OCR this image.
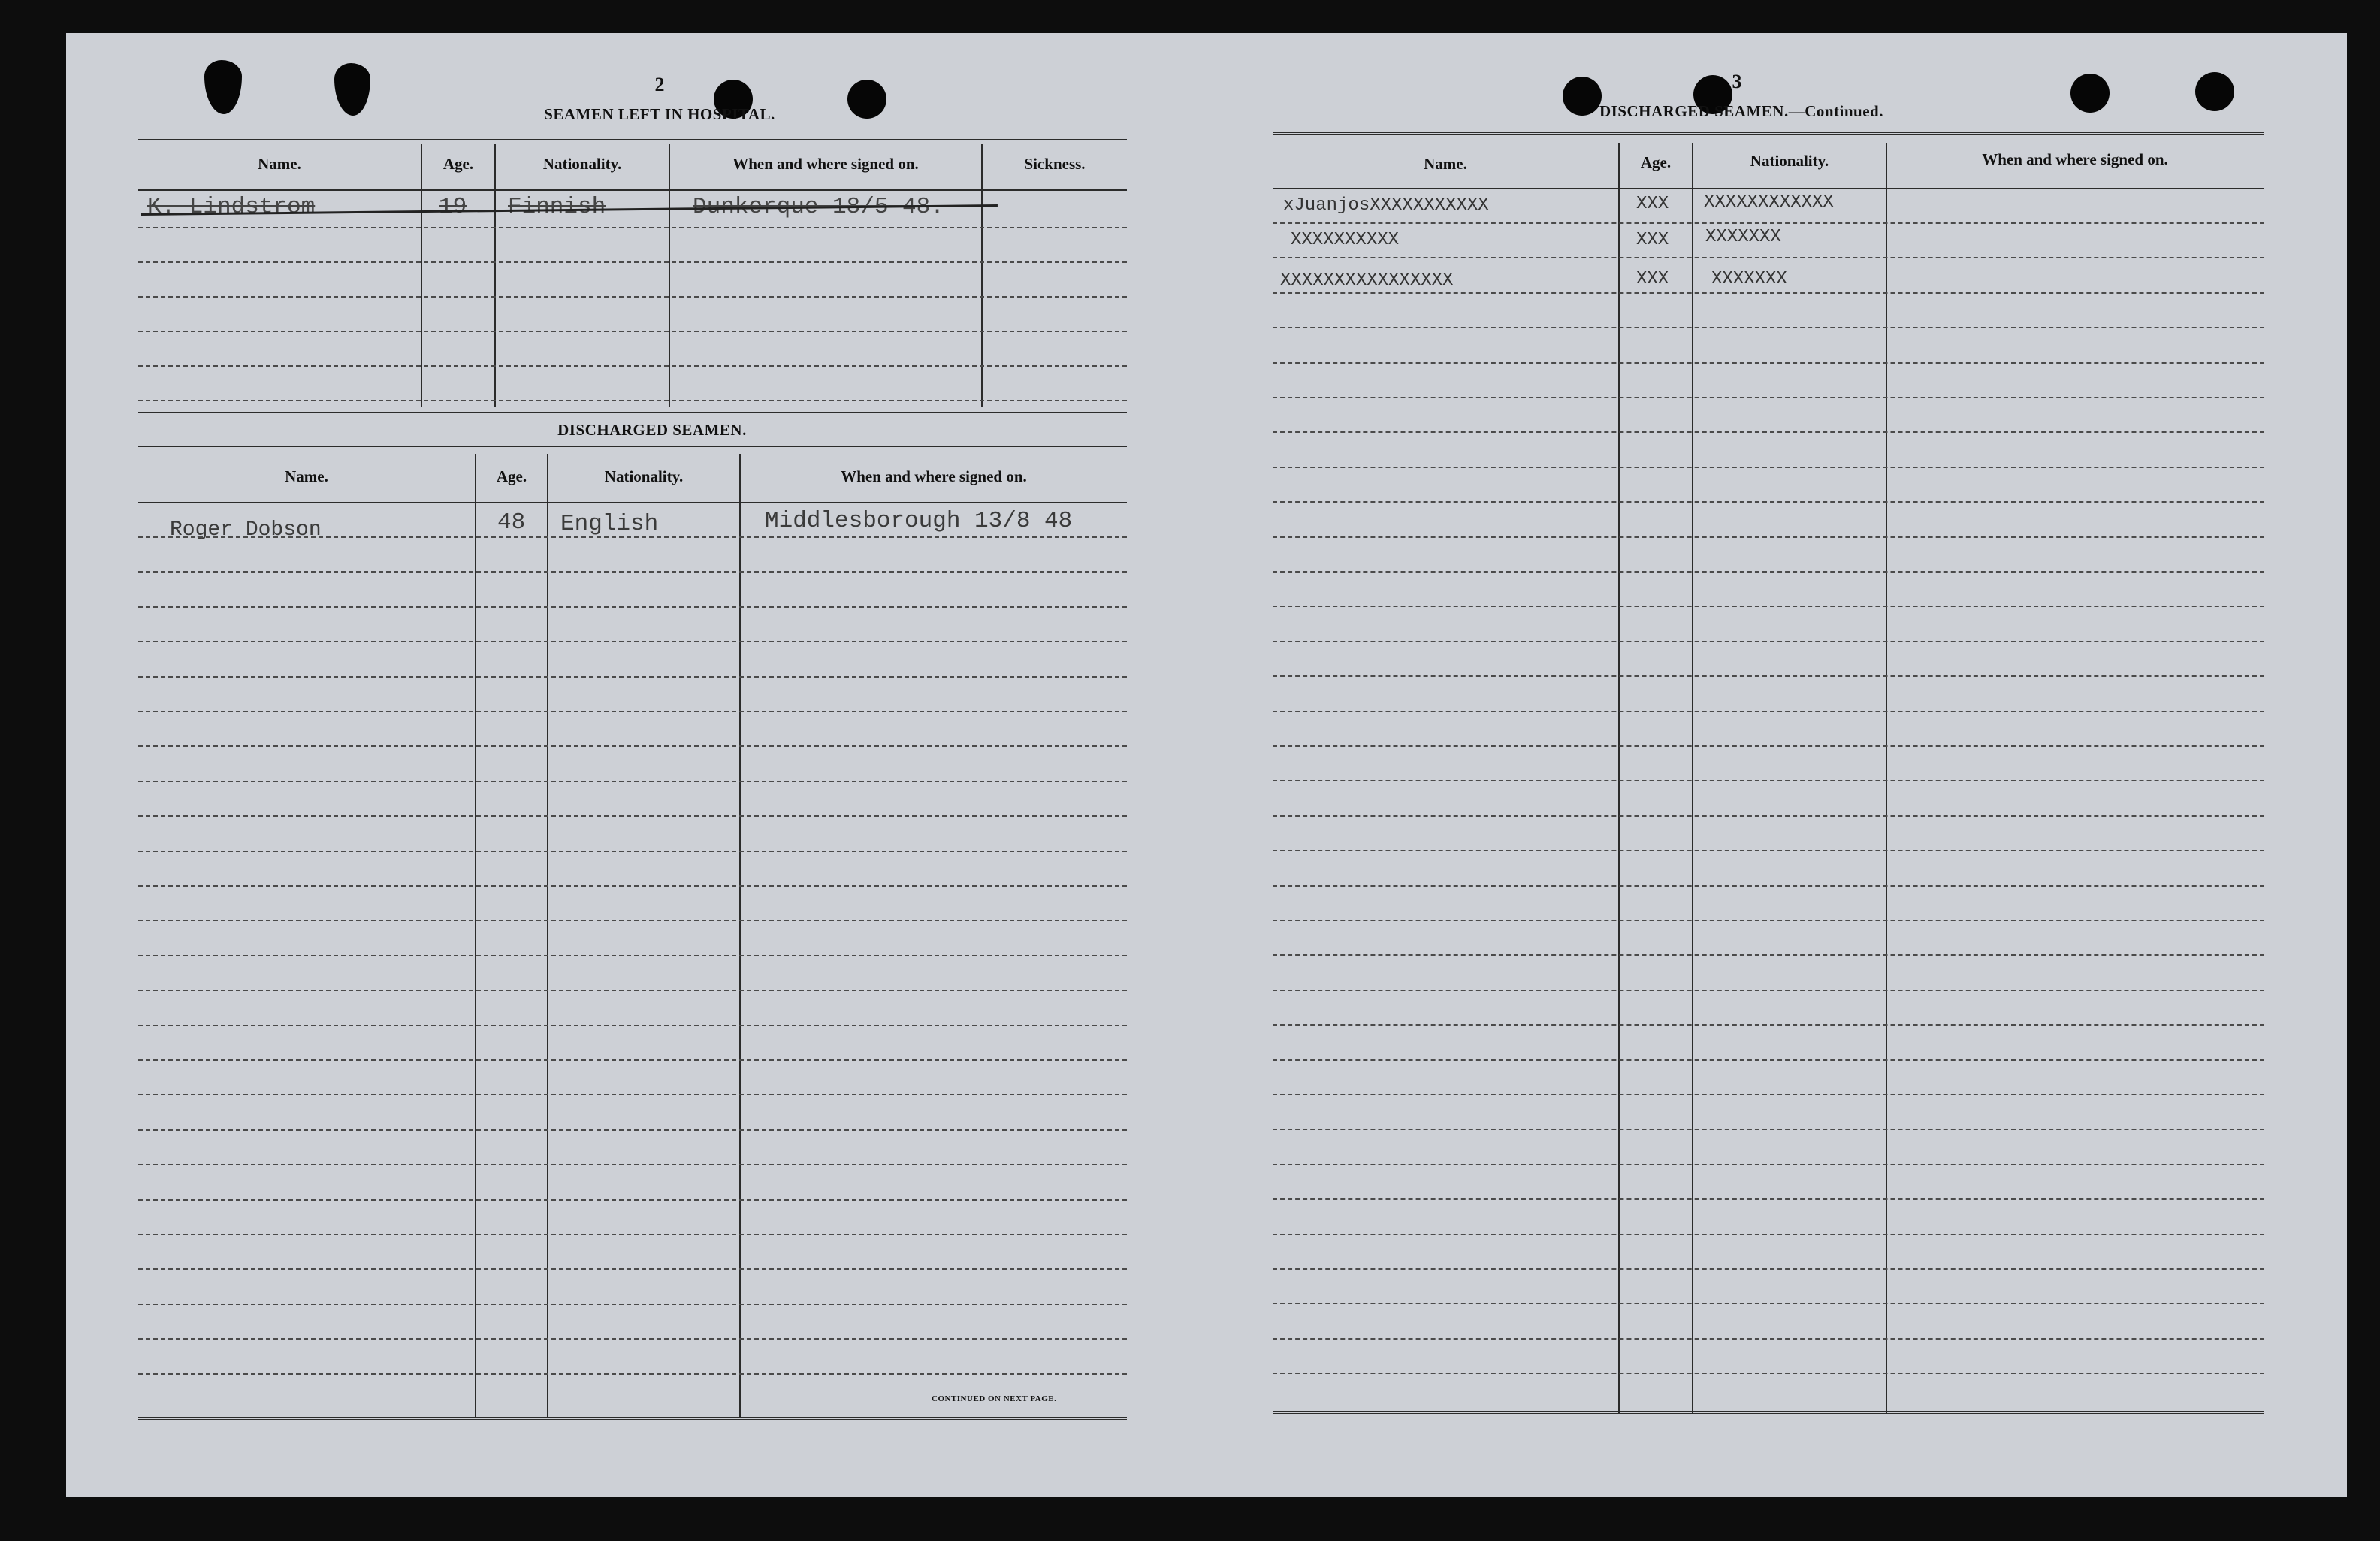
2
SEAMEN LEFT IN HOSPITAL.
Name.	Age.	Nationality.	When and where signed on.	Sickness.
K. Lindstrom	19 Finnish	Dunkerque 18/5 48.
DISCHARGED SEAMEN.
Name.	Age.	Nationality.	When and where signed on.
Roger Dobson	48 English	Middlesborough 13/8 48
CONTINUED ON NEXT PAGE.
3
DISCHARGED SEAMEN.—Continued.
Name.	Age.	Nationality.	When and where signed on.
xJuanjosXXXXXXXXXXX	XXX XXXXXXXXXXXX
XXXXXXXXXX	XXX XXXXXXX
XXXXXXXXXXXXXXXX	XXX XXXXXXX
